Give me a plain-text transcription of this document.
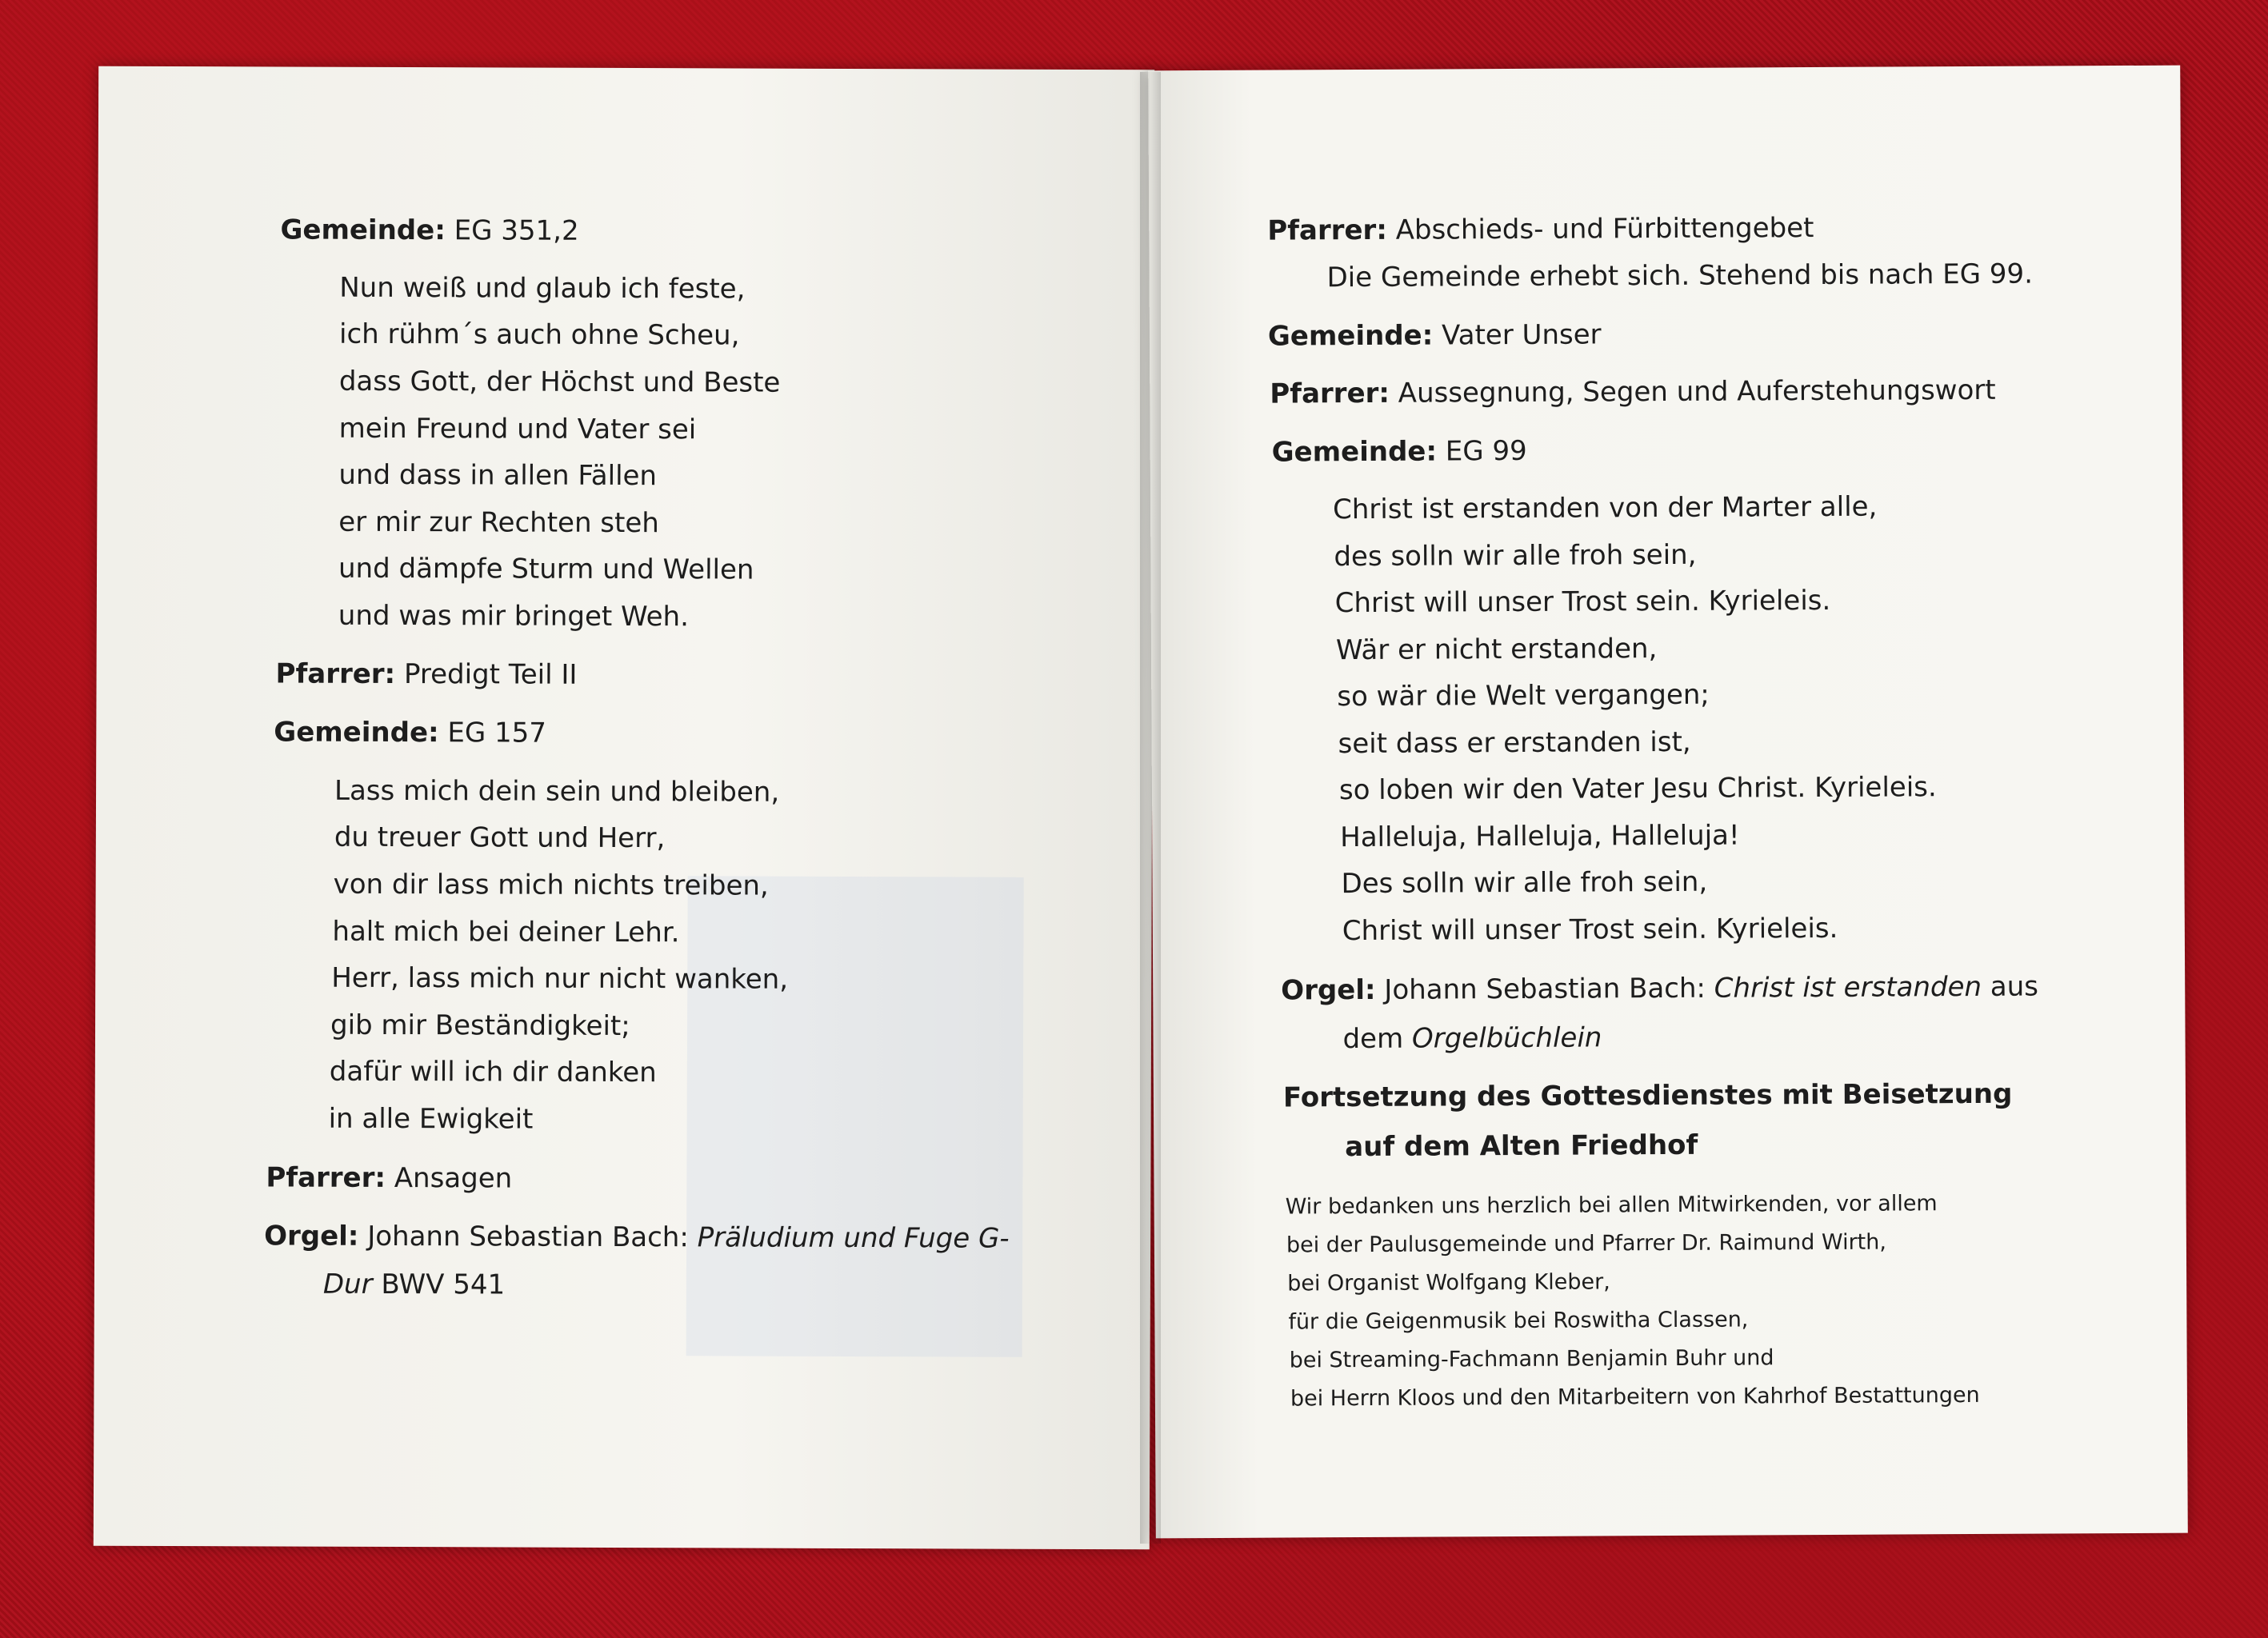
Gemeinde: EG 351,2
Nun weiß und glaub ich feste,
ich rühm´s auch ohne Scheu,
dass Gott, der Höchst und Beste
mein Freund und Vater sei
und dass in allen Fällen
er mir zur Rechten steh
und dämpfe Sturm und Wellen
und was mir bringet Weh.
Pfarrer: Predigt Teil II
Gemeinde: EG 157
Lass mich dein sein und bleiben,
du treuer Gott und Herr,
von dir lass mich nichts treiben,
halt mich bei deiner Lehr.
Herr, lass mich nur nicht wanken,
gib mir Beständigkeit;
dafür will ich dir danken
in alle Ewigkeit
Pfarrer: Ansagen
Orgel: Johann Sebastian Bach: Präludium und Fuge G-
Dur BWV 541
Pfarrer: Abschieds- und Fürbittengebet
Die Gemeinde erhebt sich. Stehend bis nach EG 99.
Gemeinde: Vater Unser
Pfarrer: Aussegnung, Segen und Auferstehungswort
Gemeinde: EG 99
Christ ist erstanden von der Marter alle,
des solln wir alle froh sein,
Christ will unser Trost sein. Kyrieleis.
Wär er nicht erstanden,
so wär die Welt vergangen;
seit dass er erstanden ist,
so loben wir den Vater Jesu Christ. Kyrieleis.
Halleluja, Halleluja, Halleluja!
Des solln wir alle froh sein,
Christ will unser Trost sein. Kyrieleis.
Orgel: Johann Sebastian Bach: Christ ist erstanden aus
dem Orgelbüchlein
Fortsetzung des Gottesdienstes mit Beisetzung
auf dem Alten Friedhof
Wir bedanken uns herzlich bei allen Mitwirkenden, vor allem
bei der Paulusgemeinde und Pfarrer Dr. Raimund Wirth,
bei Organist Wolfgang Kleber,
für die Geigenmusik bei Roswitha Classen,
bei Streaming-Fachmann Benjamin Buhr und
bei Herrn Kloos und den Mitarbeitern von Kahrhof Bestattungen
